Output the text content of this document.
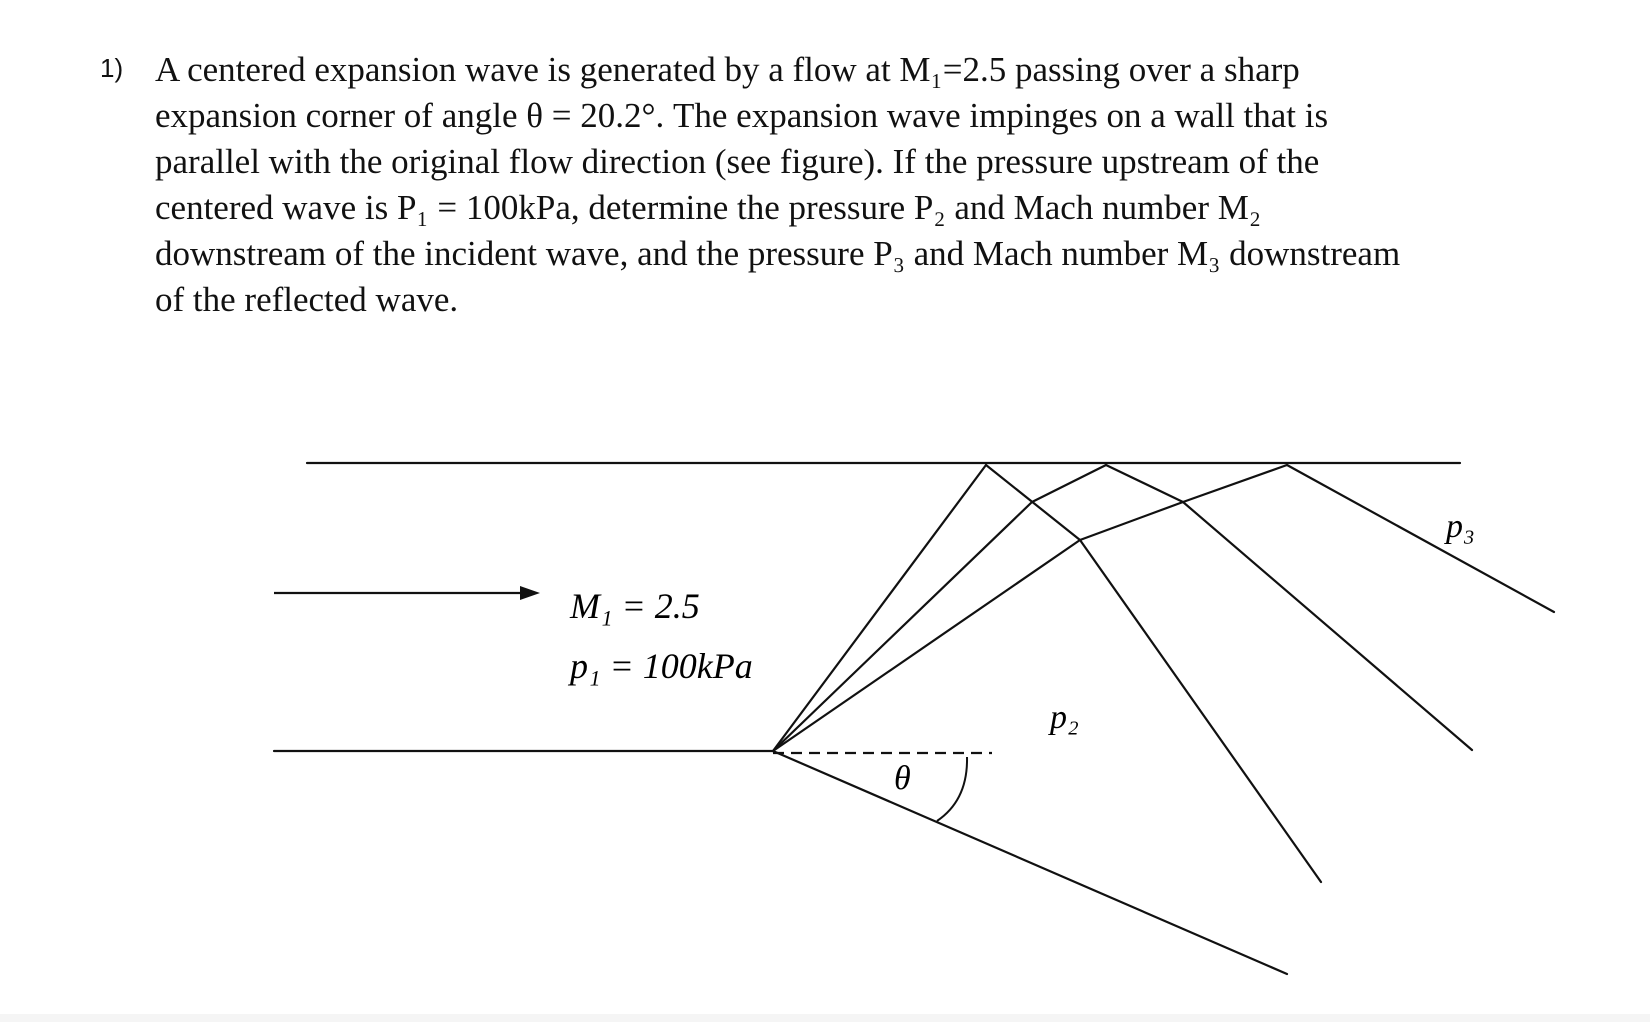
1) A centered expansion wave is generated by a flow at M₁=2.5 passing over a sharp
expansion corner of angle θ = 20.2°. The expansion wave impinges on a wall that is
parallel with the original flow direction (see figure). If the pressure upstream of the
centered wave is P₁ = 100kPa, determine the pressure P₂ and Mach number M₂
downstream of the incident wave, and the pressure P₃ and Mach number M₃ downstream
of the reflected wave.
M₁ = 2.5
p₁ = 100kPa
θ
p₂
p₃
